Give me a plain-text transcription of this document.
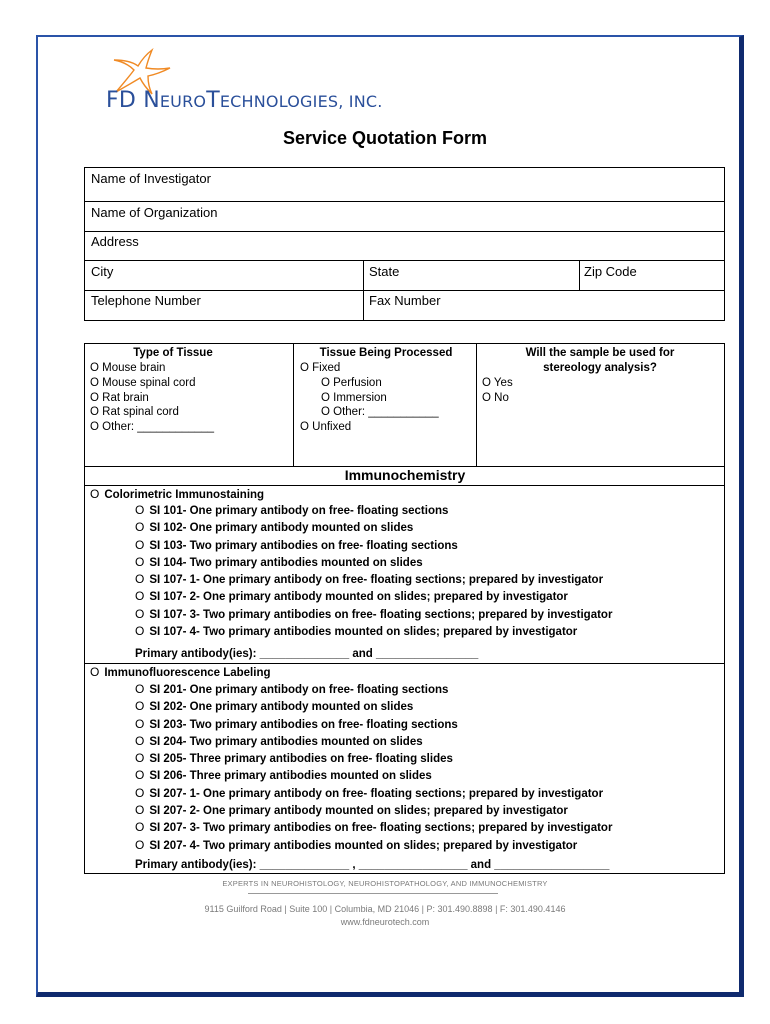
FD NEUROTECHNOLOGIES, INC.
Service Quotation Form
Name of Investigator
Name of Organization
Address
City	State	Zip Code
Telephone Number	Fax Number
Type of Tissue
O Mouse brain
O Mouse spinal cord
O Rat brain
O Rat spinal cord
O Other: ____________
Tissue Being Processed
O Fixed
O Perfusion
O Immersion
O Other: ___________
O Unfixed
Will the sample be used for
stereology analysis?
O Yes
O No
Immunochemistry
O Colorimetric Immunostaining
O SI 101- One primary antibody on free- floating sections
O SI 102- One primary antibody mounted on slides
O SI 103- Two primary antibodies on free- floating sections
O SI 104- Two primary antibodies mounted on slides
O SI 107- 1- One primary antibody on free- floating sections; prepared by investigator
O SI 107- 2- One primary antibody mounted on slides; prepared by investigator
O SI 107- 3- Two primary antibodies on free- floating sections; prepared by investigator
O SI 107- 4- Two primary antibodies mounted on slides; prepared by investigator
Primary antibody(ies): ______________ and ________________
O Immunofluorescence Labeling
O SI 201- One primary antibody on free- floating sections
O SI 202- One primary antibody mounted on slides
O SI 203- Two primary antibodies on free- floating sections
O SI 204- Two primary antibodies mounted on slides
O SI 205- Three primary antibodies on free- floating slides
O SI 206- Three primary antibodies mounted on slides
O SI 207- 1- One primary antibody on free- floating sections; prepared by investigator
O SI 207- 2- One primary antibody mounted on slides; prepared by investigator
O SI 207- 3- Two primary antibodies on free- floating sections; prepared by investigator
O SI 207- 4- Two primary antibodies mounted on slides; prepared by investigator
Primary antibody(ies): ______________ , _________________ and __________________
EXPERTS IN NEUROHISTOLOGY, NEUROHISTOPATHOLOGY, AND IMMUNOCHEMISTRY
9115 Guilford Road | Suite 100 | Columbia, MD 21046 | P: 301.490.8898 | F: 301.490.4146
www.fdneurotech.com
